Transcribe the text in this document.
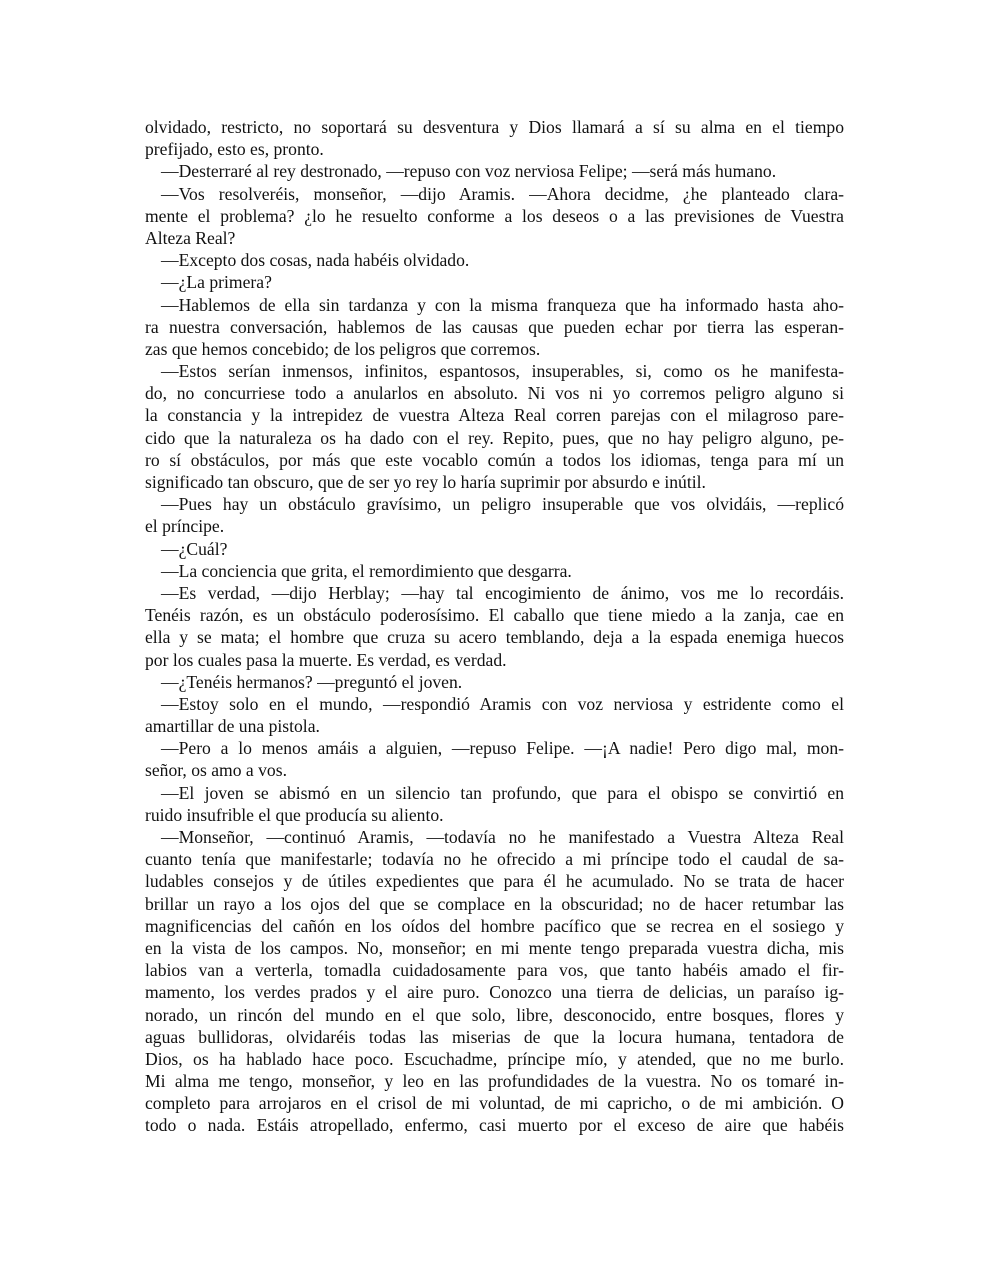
olvidado, restricto, no soportará su desventura y Dios llamará a sí su alma en el tiempo
prefijado, esto es, pronto.
—Desterraré al rey destronado, —repuso con voz nerviosa Felipe; —será más humano.
—Vos resolveréis, monseñor, —dijo Aramis. —Ahora decidme, ¿he planteado clara-
mente el problema? ¿lo he resuelto conforme a los deseos o a las previsiones de Vuestra
Alteza Real?
—Excepto dos cosas, nada habéis olvidado.
—¿La primera?
—Hablemos de ella sin tardanza y con la misma franqueza que ha informado hasta aho-
ra nuestra conversación, hablemos de las causas que pueden echar por tierra las esperan-
zas que hemos concebido; de los peligros que corremos.
—Estos serían inmensos, infinitos, espantosos, insuperables, si, como os he manifesta-
do, no concurriese todo a anularlos en absoluto. Ni vos ni yo corremos peligro alguno si
la constancia y la intrepidez de vuestra Alteza Real corren parejas con el milagroso pare-
cido que la naturaleza os ha dado con el rey. Repito, pues, que no hay peligro alguno, pe-
ro sí obstáculos, por más que este vocablo común a todos los idiomas, tenga para mí un
significado tan obscuro, que de ser yo rey lo haría suprimir por absurdo e inútil.
—Pues hay un obstáculo gravísimo, un peligro insuperable que vos olvidáis, —replicó
el príncipe.
—¿Cuál?
—La conciencia que grita, el remordimiento que desgarra.
—Es verdad, —dijo Herblay; —hay tal encogimiento de ánimo, vos me lo recordáis.
Tenéis razón, es un obstáculo poderosísimo. El caballo que tiene miedo a la zanja, cae en
ella y se mata; el hombre que cruza su acero temblando, deja a la espada enemiga huecos
por los cuales pasa la muerte. Es verdad, es verdad.
—¿Tenéis hermanos? —preguntó el joven.
—Estoy solo en el mundo, —respondió Aramis con voz nerviosa y estridente como el
amartillar de una pistola.
—Pero a lo menos amáis a alguien, —repuso Felipe. —¡A nadie! Pero digo mal, mon-
señor, os amo a vos.
—El joven se abismó en un silencio tan profundo, que para el obispo se convirtió en
ruido insufrible el que producía su aliento.
—Monseñor, —continuó Aramis, —todavía no he manifestado a Vuestra Alteza Real
cuanto tenía que manifestarle; todavía no he ofrecido a mi príncipe todo el caudal de sa-
ludables consejos y de útiles expedientes que para él he acumulado. No se trata de hacer
brillar un rayo a los ojos del que se complace en la obscuridad; no de hacer retumbar las
magnificencias del cañón en los oídos del hombre pacífico que se recrea en el sosiego y
en la vista de los campos. No, monseñor; en mi mente tengo preparada vuestra dicha, mis
labios van a verterla, tomadla cuidadosamente para vos, que tanto habéis amado el fir-
mamento, los verdes prados y el aire puro. Conozco una tierra de delicias, un paraíso ig-
norado, un rincón del mundo en el que solo, libre, desconocido, entre bosques, flores y
aguas bullidoras, olvidaréis todas las miserias de que la locura humana, tentadora de
Dios, os ha hablado hace poco. Escuchadme, príncipe mío, y atended, que no me burlo.
Mi alma me tengo, monseñor, y leo en las profundidades de la vuestra. No os tomaré in-
completo para arrojaros en el crisol de mi voluntad, de mi capricho, o de mi ambición. O
todo o nada. Estáis atropellado, enfermo, casi muerto por el exceso de aire que habéis
